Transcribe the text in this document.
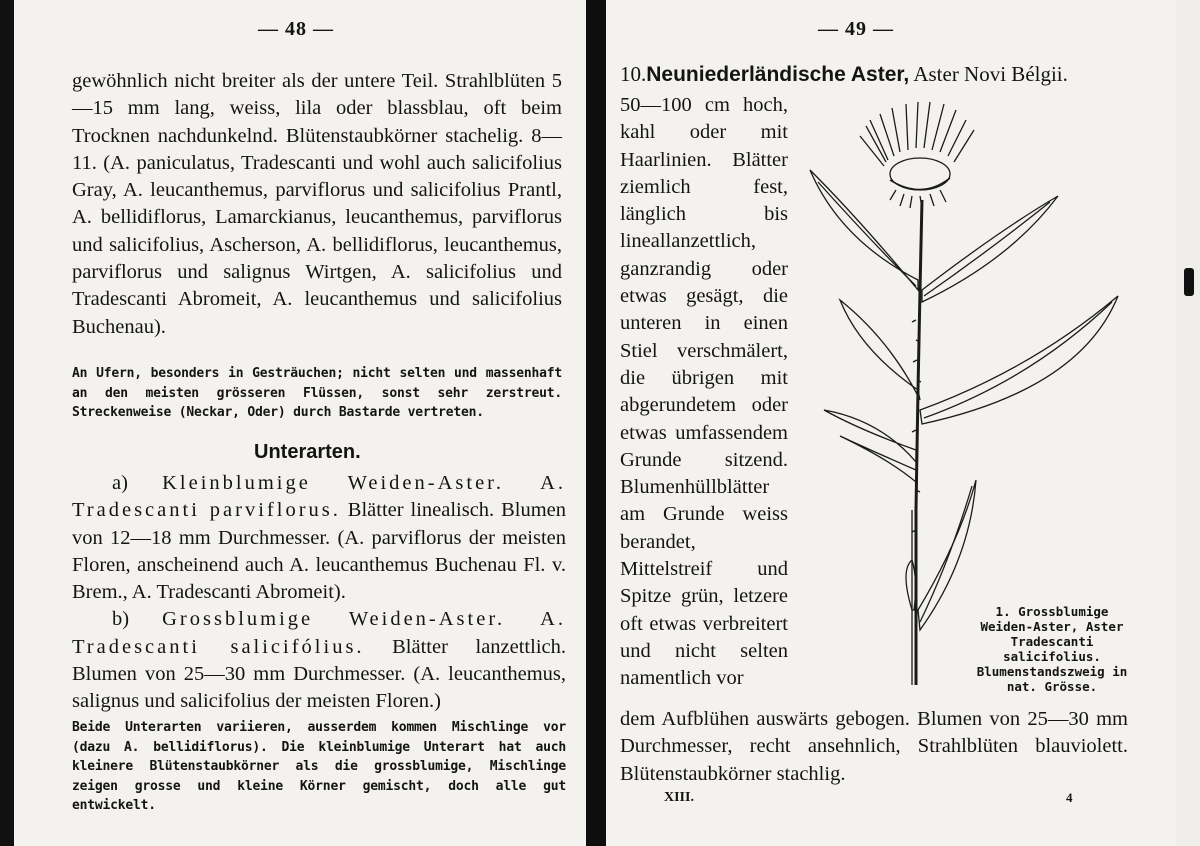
— 48 —
gewöhnlich nicht breiter als der untere Teil. Strahlblüten 5—15 mm lang, weiss, lila oder blassblau, oft beim Trocknen nachdunkelnd. Blütenstaubkörner stachelig. 8—11. (A. paniculatus, Tradescanti und wohl auch salicifolius Gray, A. leucanthemus, parviflorus und salicifolius Prantl, A. bellidiflorus, Lamarckianus, leucanthemus, parviflorus und salicifolius, Ascherson, A. bellidiflorus, leucanthemus, parviflorus und salignus Wirtgen, A. salicifolius und Tradescanti Abromeit, A. leucanthemus und salicifolius Buchenau).
An Ufern, besonders in Gesträuchen; nicht selten und massenhaft an den meisten grösseren Flüssen, sonst sehr zerstreut. Streckenweise (Neckar, Oder) durch Bastarde vertreten.
Unterarten.
a) Kleinblumige Weiden-Aster. A. Tradescanti parviflorus. Blätter linealisch. Blumen von 12—18 mm Durchmesser. (A. parviflorus der meisten Floren, anscheinend auch A. leucanthemus Buchenau Fl. v. Brem., A. Tradescanti Abromeit).
b) Grossblumige Weiden-Aster. A. Tradescanti salicifólius. Blätter lanzettlich. Blumen von 25—30 mm Durchmesser. (A. leucanthemus, salignus und salicifolius der meisten Floren.)
Beide Unterarten variieren, ausserdem kommen Mischlinge vor (dazu A. bellidiflorus). Die kleinblumige Unterart hat auch kleinere Blütenstaubkörner als die grossblumige, Mischlinge zeigen grosse und kleine Körner gemischt, doch alle gut entwickelt.
— 49 —
10.Neuniederländische Aster, Aster Novi Bélgii.
50—100 cm hoch, kahl oder mit Haarlinien. Blätter ziemlich fest, länglich bis lineallanzettlich, ganzrandig oder etwas gesägt, die unteren in einen Stiel verschmälert, die übrigen mit abgerundetem oder etwas umfassendem Grunde sitzend. Blumenhüllblätter am Grunde weiss berandet, Mittelstreif und Spitze grün, letzere oft etwas verbreitert und nicht selten namentlich vor
1. Grossblumige Weiden-Aster, Aster Tradescanti salicifolius. Blumenstandszweig in nat. Grösse.
dem Aufblühen auswärts gebogen. Blumen von 25—30 mm Durchmesser, recht ansehnlich, Strahlblüten blauviolett. Blütenstaubkörner stachlig.
XIII.	4
